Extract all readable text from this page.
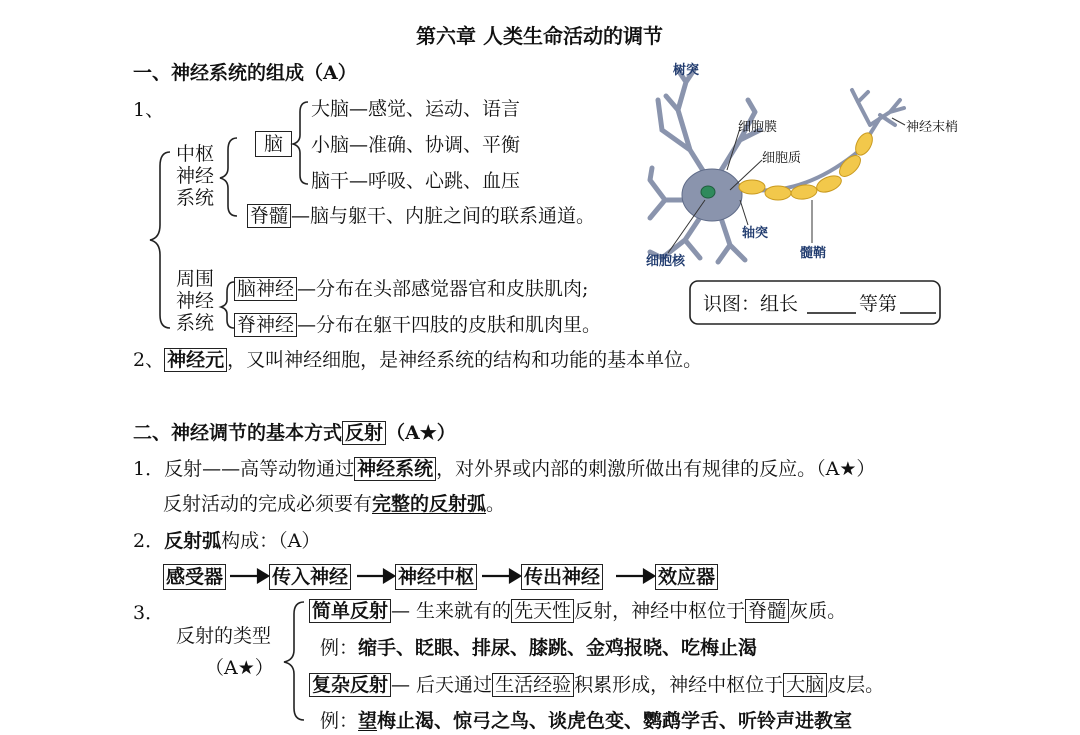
第六章 人类生命活动的调节
一、神经系统的组成（A）
1、
中枢
神经
系统
周围
神经
系统
脑
大脑—感觉、运动、语言
小脑—准确、协调、平衡
脑干—呼吸、心跳、血压
脊髓 —脑与躯干、内脏之间的联系通道。
脑神经 —分布在头部感觉器官和皮肤肌肉;
脊神经 —分布在躯干四肢的皮肤和肌肉里。
2、 神经元 ，又叫神经细胞，是神经系统的结构和功能的基本单位。
树突
细胞膜
细胞质
神经末梢
轴突
细胞核
髓鞘
识图：组长	等第
二、神经调节的基本方式 反射 （A★）
1．反射——高等动物通过 神经系统 ，对外界或内部的刺激所做出有规律的反应。（A★）
反射活动的完成必须要有完整的反射弧。
2．反射弧构成：（A）
感受器	传入神经	神经中枢	传出神经	效应器
3．
反射的类型
（A★）
简单反射 — 生来就有的 先天性 反射，神经中枢位于 脊髓 灰质。
例：缩手、眨眼、排尿、膝跳、金鸡报晓、吃梅止渴
复杂反射 — 后天通过 生活经验 积累形成，神经中枢位于 大脑 皮层。
例：望梅止渴、惊弓之鸟、谈虎色变、鹦鹉学舌、听铃声进教室
